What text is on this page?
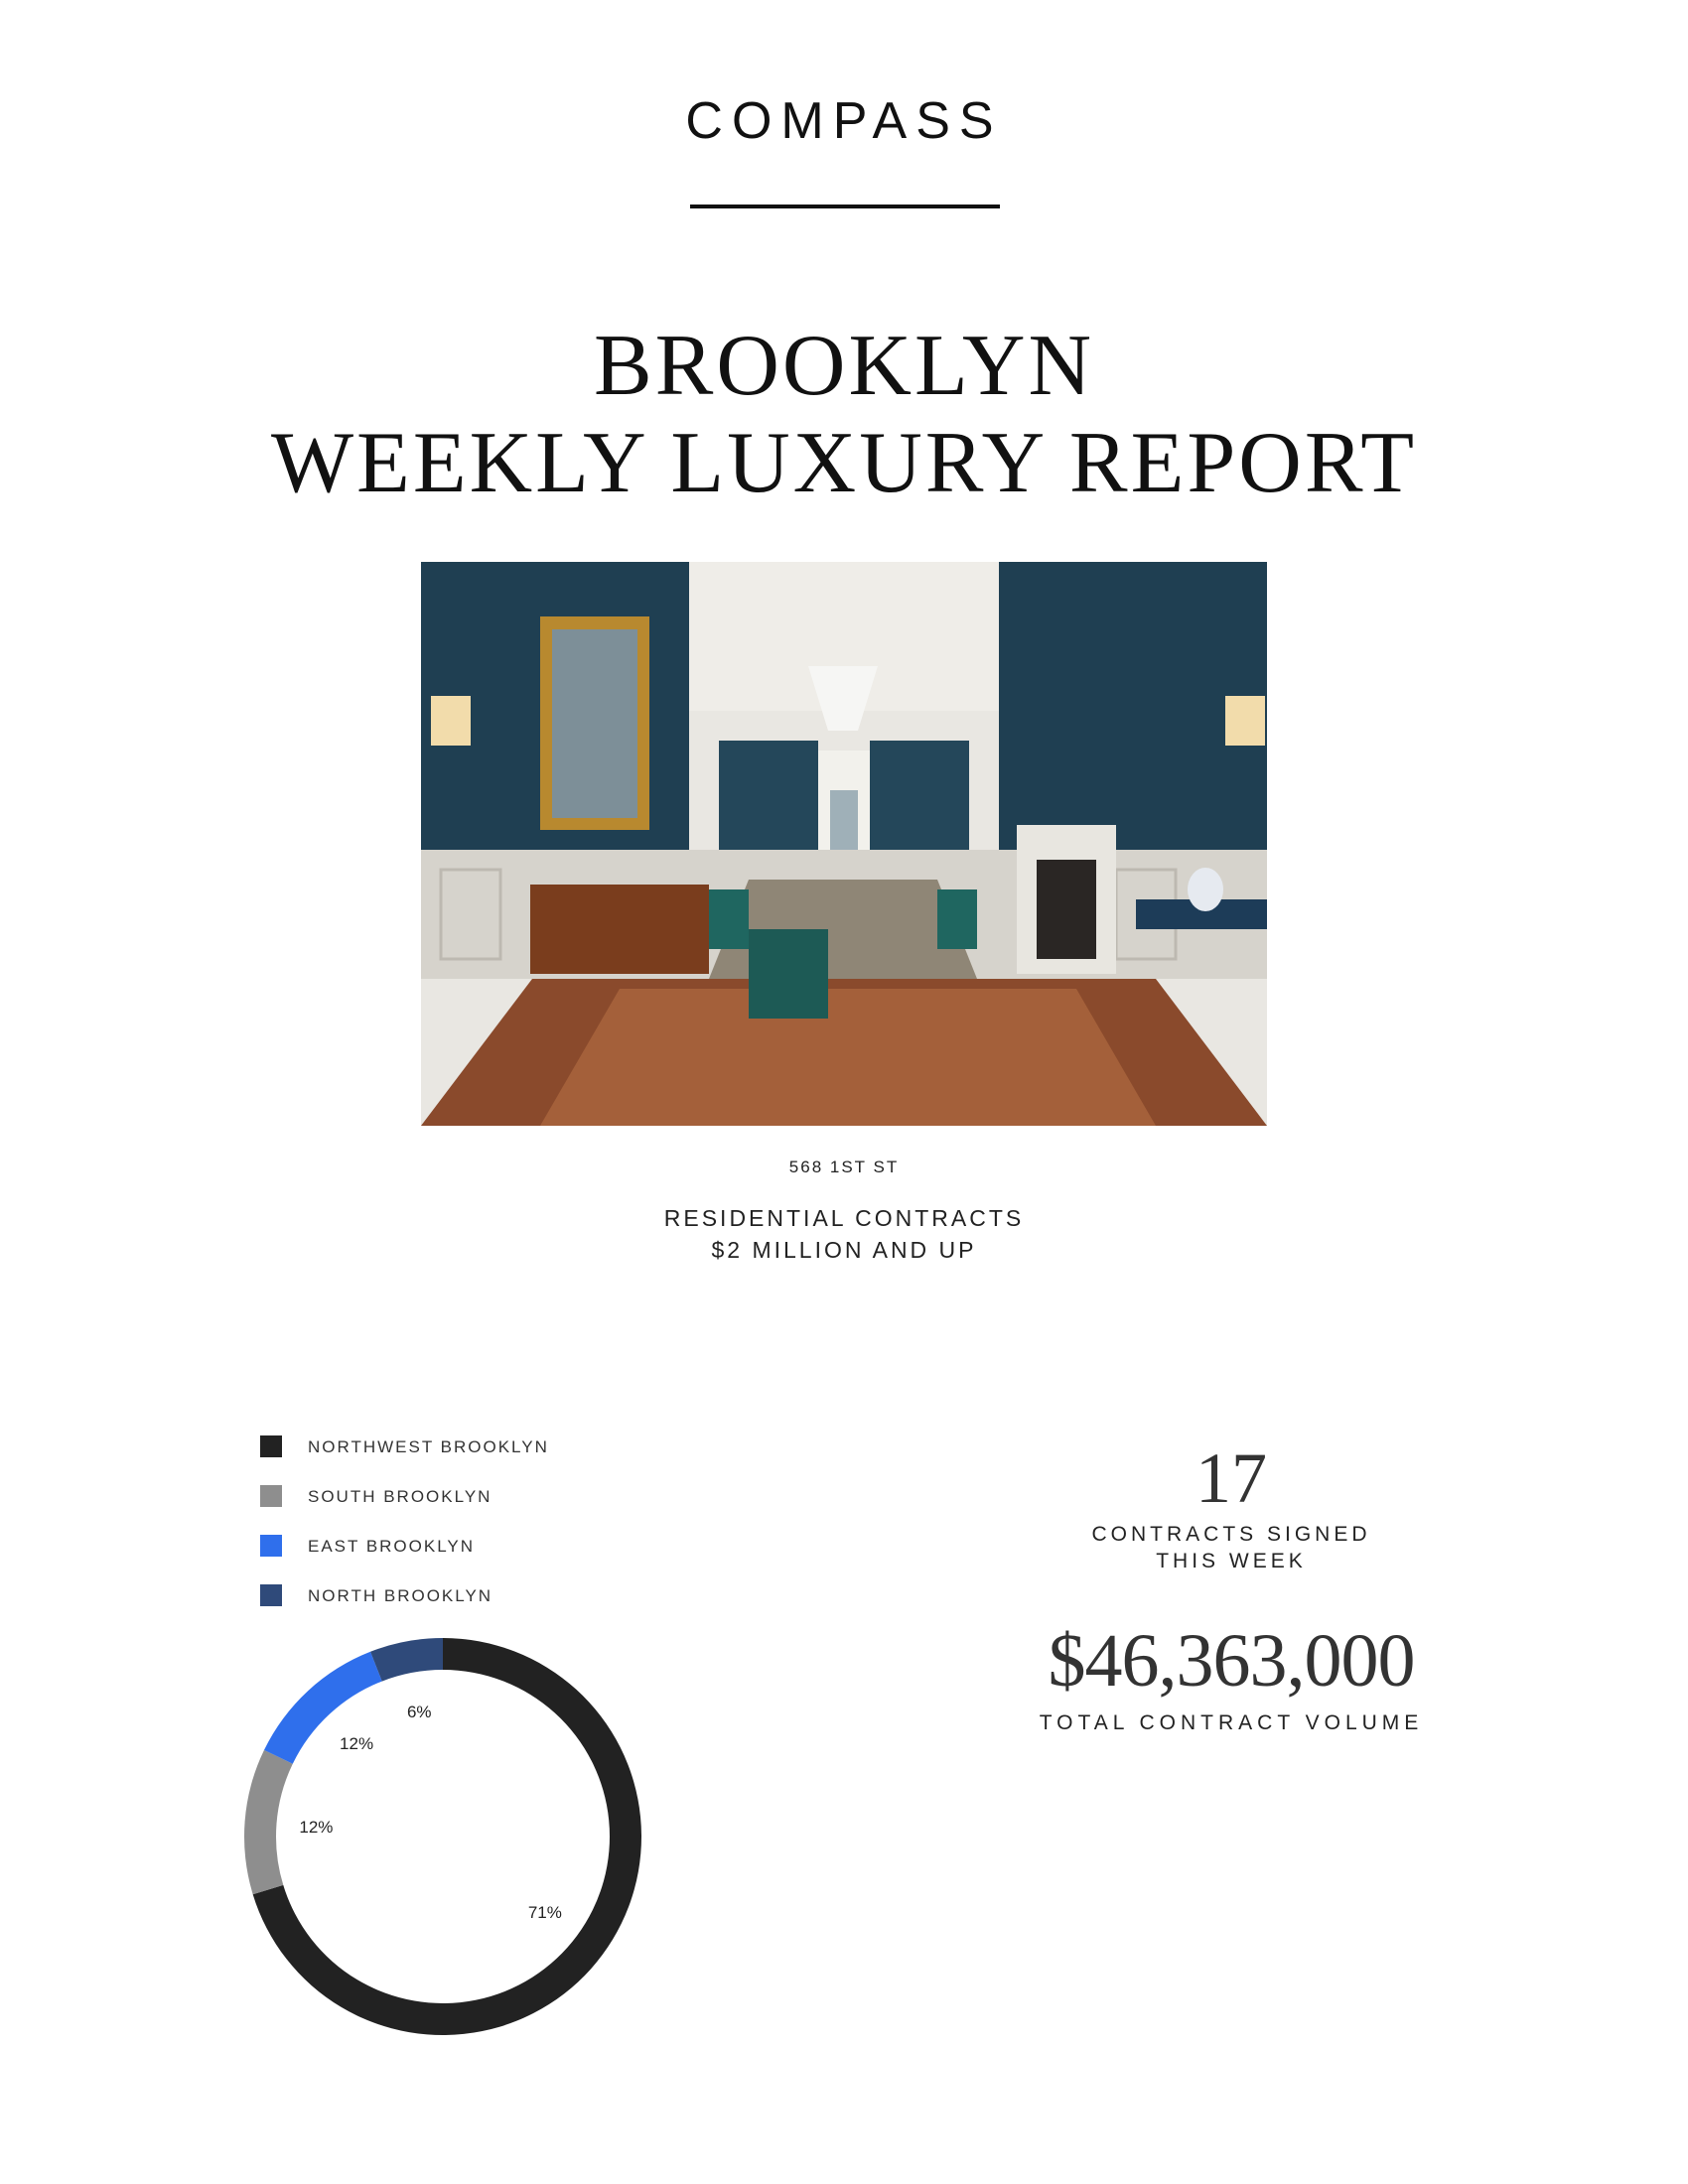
COMPASS
BROOKLYN
WEEKLY LUXURY REPORT
568 1ST ST
RESIDENTIAL CONTRACTS
$2 MILLION AND UP
NORTHWEST BROOKLYN
SOUTH BROOKLYN
EAST BROOKLYN
NORTH BROOKLYN
71%
12%
12%
6%
17
CONTRACTS SIGNED
THIS WEEK
$46,363,000
TOTAL CONTRACT VOLUME
